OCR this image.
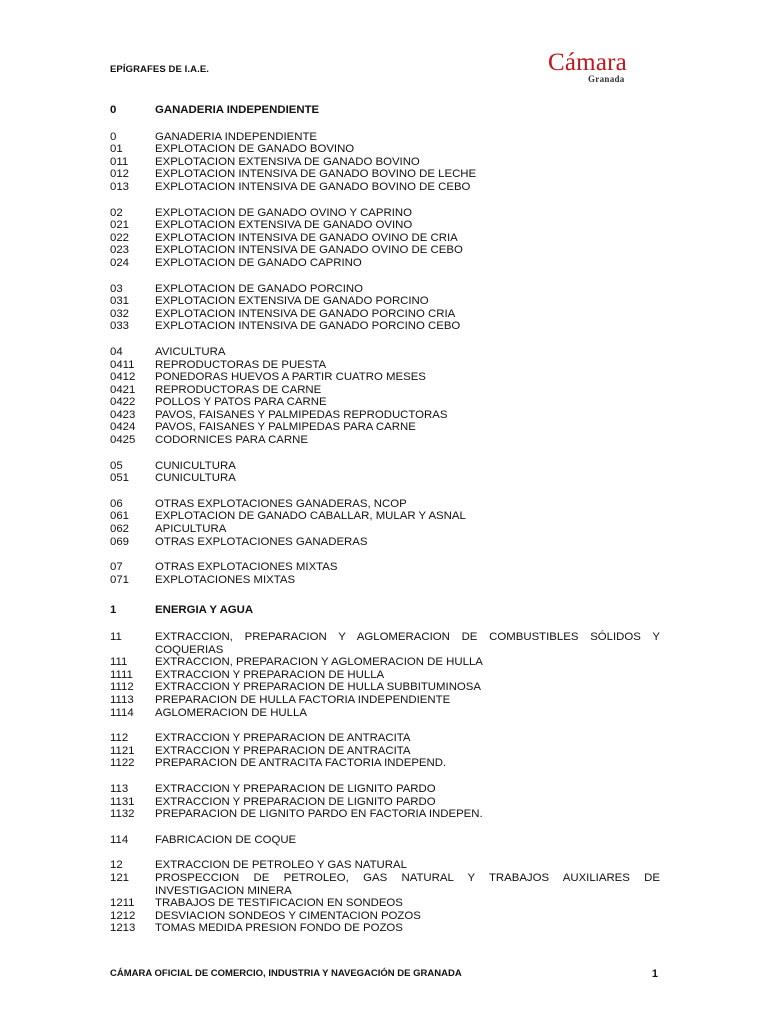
EPÍGRAFES DE I.A.E.	Cámara
Granada
0	GANADERIA INDEPENDIENTE
0	GANADERIA INDEPENDIENTE
01	EXPLOTACION DE GANADO BOVINO
011	EXPLOTACION EXTENSIVA DE GANADO BOVINO
012	EXPLOTACION INTENSIVA DE GANADO BOVINO DE LECHE
013	EXPLOTACION INTENSIVA DE GANADO BOVINO DE CEBO
02	EXPLOTACION DE GANADO OVINO Y CAPRINO
021	EXPLOTACION EXTENSIVA DE GANADO OVINO
022	EXPLOTACION INTENSIVA DE GANADO OVINO DE CRIA
023	EXPLOTACION INTENSIVA DE GANADO OVINO DE CEBO
024	EXPLOTACION DE GANADO CAPRINO
03	EXPLOTACION DE GANADO PORCINO
031	EXPLOTACION EXTENSIVA DE GANADO PORCINO
032	EXPLOTACION INTENSIVA DE GANADO PORCINO CRIA
033	EXPLOTACION INTENSIVA DE GANADO PORCINO CEBO
04	AVICULTURA
0411	REPRODUCTORAS DE PUESTA
0412	PONEDORAS HUEVOS A PARTIR CUATRO MESES
0421	REPRODUCTORAS DE CARNE
0422	POLLOS Y PATOS PARA CARNE
0423	PAVOS, FAISANES Y PALMIPEDAS REPRODUCTORAS
0424	PAVOS, FAISANES Y PALMIPEDAS PARA CARNE
0425	CODORNICES PARA CARNE
05	CUNICULTURA
051	CUNICULTURA
06	OTRAS EXPLOTACIONES GANADERAS, NCOP
061	EXPLOTACION DE GANADO CABALLAR, MULAR Y ASNAL
062	APICULTURA
069	OTRAS EXPLOTACIONES GANADERAS
07	OTRAS EXPLOTACIONES MIXTAS
071	EXPLOTACIONES MIXTAS
1	ENERGIA Y AGUA
11	EXTRACCION, PREPARACION Y AGLOMERACION DE COMBUSTIBLES SÓLIDOS Y COQUERIAS
111	EXTRACCION, PREPARACION Y AGLOMERACION DE HULLA
1111	EXTRACCION Y PREPARACION DE HULLA
1112	EXTRACCION Y PREPARACION DE HULLA SUBBITUMINOSA
1113	PREPARACION DE HULLA FACTORIA INDEPENDIENTE
1114	AGLOMERACION DE HULLA
112	EXTRACCION Y PREPARACION DE ANTRACITA
1121	EXTRACCION Y PREPARACION DE ANTRACITA
1122	PREPARACION DE ANTRACITA FACTORIA INDEPEND.
113	EXTRACCION Y PREPARACION DE LIGNITO PARDO
1131	EXTRACCION Y PREPARACION DE LIGNITO PARDO
1132	PREPARACION DE LIGNITO PARDO EN FACTORIA INDEPEN.
114	FABRICACION DE COQUE
12	EXTRACCION DE PETROLEO Y GAS NATURAL
121	PROSPECCION DE PETROLEO, GAS NATURAL Y TRABAJOS AUXILIARES DE INVESTIGACION MINERA
1211	TRABAJOS DE TESTIFICACION EN SONDEOS
1212	DESVIACION SONDEOS Y CIMENTACION POZOS
1213	TOMAS MEDIDA PRESION FONDO DE POZOS
CÁMARA OFICIAL DE COMERCIO, INDUSTRIA Y NAVEGACIÓN DE GRANADA	1
